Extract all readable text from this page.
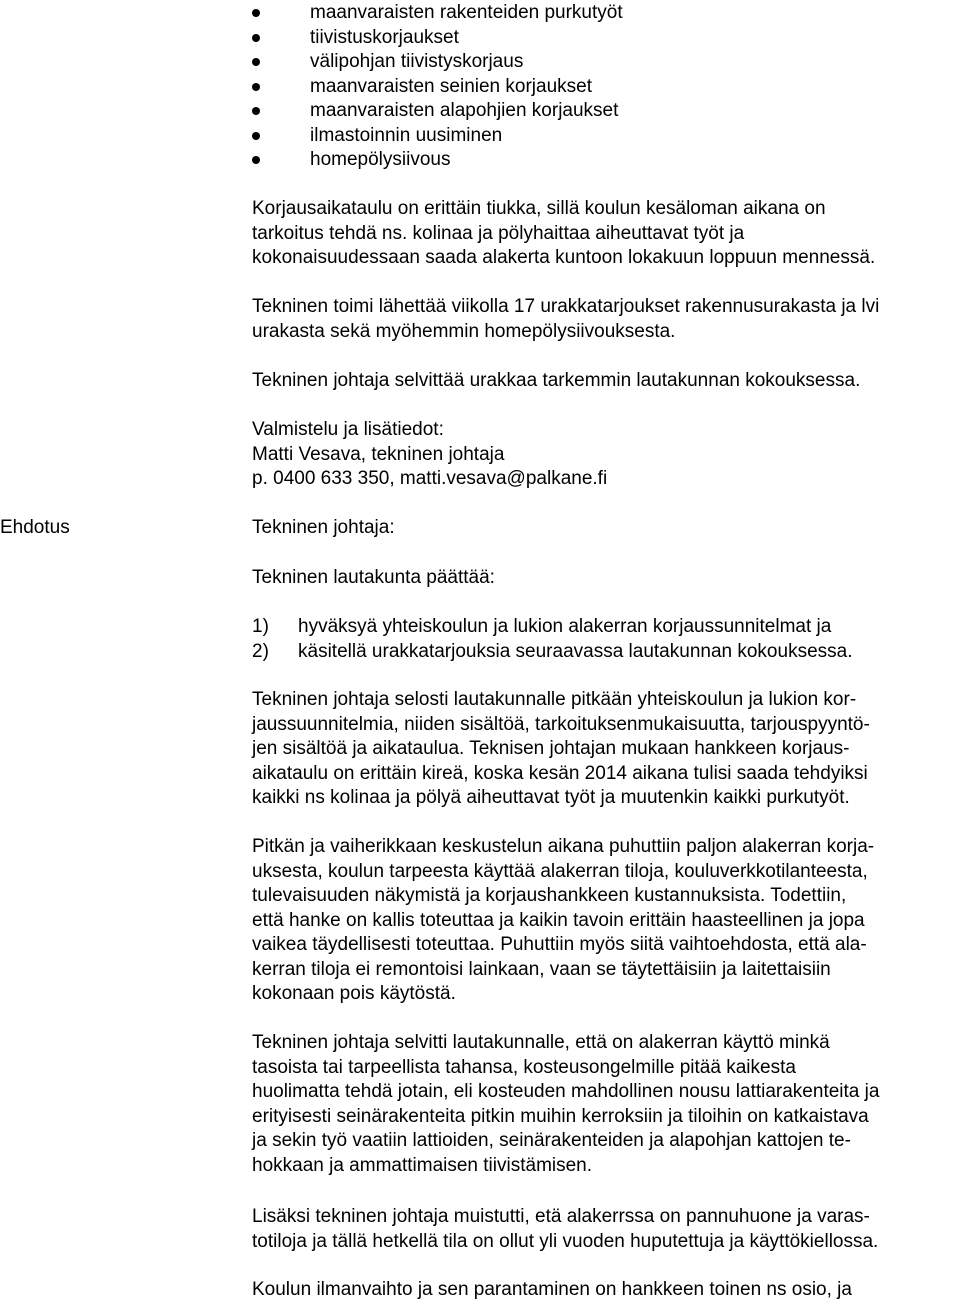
maanvaraisten rakenteiden purkutyöt
tiivistuskorjaukset
välipohjan tiivistyskorjaus
maanvaraisten seinien korjaukset
maanvaraisten alapohjien korjaukset
ilmastoinnin uusiminen
homepölysiivous
Korjausaikataulu on erittäin tiukka, sillä koulun kesäloman aikana on
tarkoitus tehdä ns. kolinaa ja pölyhaittaa aiheuttavat työt ja
kokonaisuudessaan saada alakerta kuntoon lokakuun loppuun mennessä.
Tekninen toimi lähettää viikolla 17 urakkatarjoukset rakennusurakasta ja lvi
urakasta sekä myöhemmin homepölysiivouksesta.
Tekninen johtaja selvittää urakkaa tarkemmin lautakunnan kokouksessa.
Valmistelu ja lisätiedot:
Matti Vesava, tekninen johtaja
p. 0400 633 350, matti.vesava@palkane.fi
Ehdotus	Tekninen johtaja:
Tekninen lautakunta päättää:
1) hyväksyä yhteiskoulun ja lukion alakerran korjaussunnitelmat ja
2) käsitellä urakkatarjouksia seuraavassa lautakunnan kokouksessa.
Tekninen johtaja selosti lautakunnalle pitkään yhteiskoulun ja lukion kor-
jaussuunnitelmia, niiden sisältöä, tarkoituksenmukaisuutta, tarjouspyyntö-
jen sisältöä ja aikataulua. Teknisen johtajan mukaan hankkeen korjaus-
aikataulu on erittäin kireä, koska kesän 2014 aikana tulisi saada tehdyiksi
kaikki ns kolinaa ja pölyä aiheuttavat työt ja muutenkin kaikki purkutyöt.
Pitkän ja vaiherikkaan keskustelun aikana puhuttiin paljon alakerran korja-
uksesta, koulun tarpeesta käyttää alakerran tiloja, kouluverkkotilanteesta,
tulevaisuuden näkymistä ja korjaushankkeen kustannuksista. Todettiin,
että hanke on kallis toteuttaa ja kaikin tavoin erittäin haasteellinen ja jopa
vaikea täydellisesti toteuttaa. Puhuttiin myös siitä vaihtoehdosta, että ala-
kerran tiloja ei remontoisi lainkaan, vaan se täytettäisiin ja laitettaisiin
kokonaan pois käytöstä.
Tekninen johtaja selvitti lautakunnalle, että on alakerran käyttö minkä
tasoista tai tarpeellista tahansa, kosteusongelmille pitää kaikesta
huolimatta tehdä jotain, eli kosteuden mahdollinen nousu lattiarakenteita ja
erityisesti seinärakenteita pitkin muihin kerroksiin ja tiloihin on katkaistava
ja sekin työ vaatiin lattioiden, seinärakenteiden ja alapohjan kattojen te-
hokkaan ja ammattimaisen tiivistämisen.
Lisäksi tekninen johtaja muistutti, etä alakerrssa on pannuhuone ja varas-
totiloja ja tällä hetkellä tila on ollut yli vuoden huputettuja ja käyttökiellossa.
Koulun ilmanvaihto ja sen parantaminen on hankkeen toinen ns osio, ja
